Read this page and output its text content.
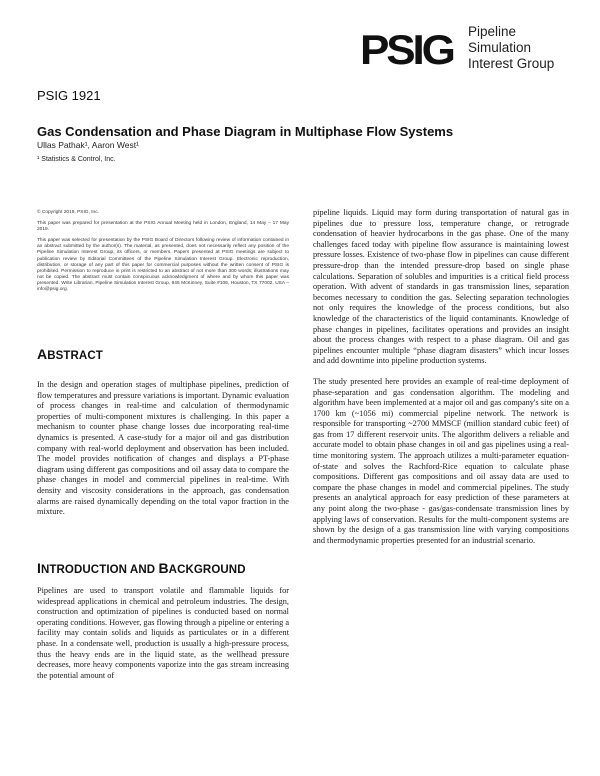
PSIG Pipeline
Simulation
Interest Group
PSIG 1921
Gas Condensation and Phase Diagram in Multiphase Flow Systems
Ullas Pathak¹, Aaron West¹
¹ Statistics & Control, Inc.

© Copyright 2019, PSIG, Inc.

This paper was prepared for presentation at the PSIG Annual Meeting held in London, England, 14 May – 17 May 2019.

This paper was selected for presentation by the PSIG Board of Directors following review of information contained in an abstract submitted by the author(s). The material, as presented, does not necessarily reflect any position of the Pipeline Simulation Interest Group, its officers, or members. Papers presented at PSIG meetings are subject to publication review by Editorial Committees of the Pipeline Simulation Interest Group. Electronic reproduction, distribution, or storage of any part of this paper for commercial purposes without the written consent of PSIG is prohibited. Permission to reproduce in print is restricted to an abstract of not more than 300 words; illustrations may not be copied. The abstract must contain conspicuous acknowledgment of where and by whom this paper was presented. Write Librarian, Pipeline Simulation Interest Group, 945 McKinney, Suite #106, Houston, TX 77002, USA – info@psig.org.

ABSTRACT

In the design and operation stages of multiphase pipelines, prediction of flow temperatures and pressure variations is important. Dynamic evaluation of process changes in real-time and calculation of thermodynamic properties of multi-component mixtures is challenging. In this paper a mechanism to counter phase change losses due incorporating real-time dynamics is presented. A case-study for a major oil and gas distribution company with real-world deployment and observation has been included. The model provides notification of changes and displays a PT-phase diagram using different gas compositions and oil assay data to compare the phase changes in model and commercial pipelines in real-time. With density and viscosity considerations in the approach, gas condensation alarms are raised dynamically depending on the total vapor fraction in the mixture.

INTRODUCTION AND BACKGROUND

Pipelines are used to transport volatile and flammable liquids for widespread applications in chemical and petroleum industries. The design, construction and optimization of pipelines is conducted based on normal operating conditions. However, gas flowing through a pipeline or entering a facility may contain solids and liquids as particulates or in a different phase. In a condensate well, production is usually a high-pressure process, thus the heavy ends are in the liquid state, as the wellhead pressure decreases, more heavy components vaporize into the gas stream increasing the potential amount of

pipeline liquids. Liquid may form during transportation of natural gas in pipelines due to pressure loss, temperature change, or retrograde condensation of heavier hydrocarbons in the gas phase. One of the many challenges faced today with pipeline flow assurance is maintaining lowest pressure losses. Existence of two-phase flow in pipelines can cause different pressure-drop than the intended pressure-drop based on single phase calculations. Separation of solubles and impurities is a critical field process operation. With advent of standards in gas transmission lines, separation becomes necessary to condition the gas. Selecting separation technologies not only requires the knowledge of the process conditions, but also knowledge of the characteristics of the liquid contaminants. Knowledge of phase changes in pipelines, facilitates operations and provides an insight about the process changes with respect to a phase diagram. Oil and gas pipelines encounter multiple “phase diagram disasters” which incur losses and add downtime into pipeline production systems.

The study presented here provides an example of real-time deployment of phase-separation and gas condensation algorithm. The modeling and algorithm have been implemented at a major oil and gas company's site on a 1700 km (~1056 mi) commercial pipeline network. The network is responsible for transporting ~2700 MMSCF (million standard cubic feet) of gas from 17 different reservoir units. The algorithm delivers a reliable and accurate model to obtain phase changes in oil and gas pipelines using a real-time monitoring system. The approach utilizes a multi-parameter equation-of-state and solves the Rachford-Rice equation to calculate phase compositions. Different gas compositions and oil assay data are used to compare the phase changes in model and commercial pipelines. The study presents an analytical approach for easy prediction of these parameters at any point along the two-phase - gas/gas-condensate transmission lines by applying laws of conservation. Results for the multi-component systems are shown by the design of a gas transmission line with varying compositions and thermodynamic properties presented for an industrial scenario.
